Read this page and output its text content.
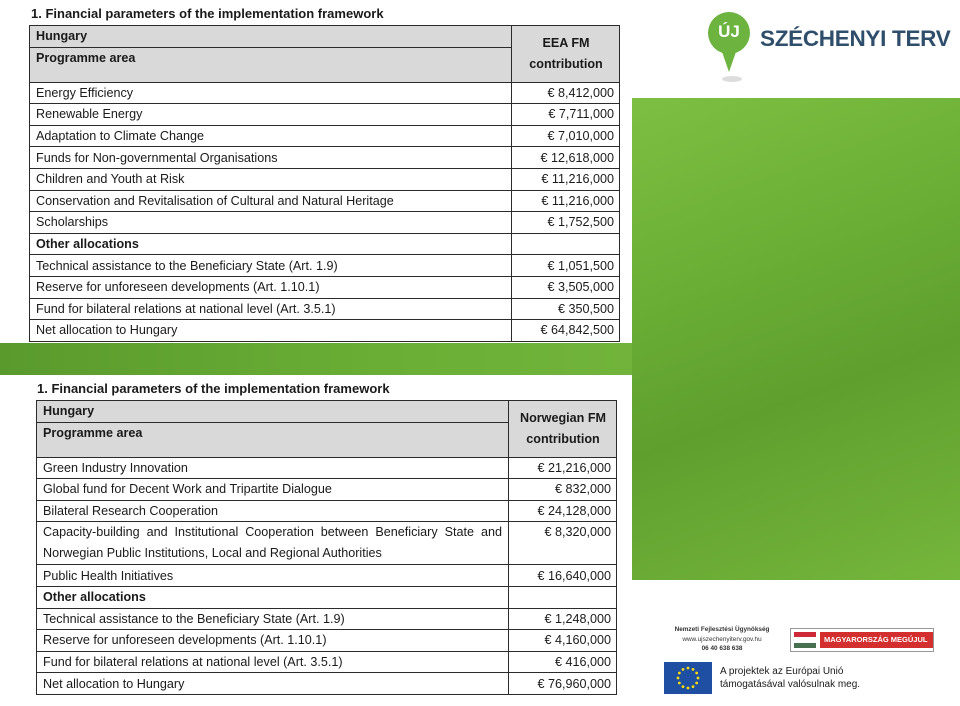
1. Financial parameters of the implementation framework
Hungary	EEA FM
contribution
Programme area	
Energy Efficiency	€ 8,412,000
Renewable Energy	€ 7,711,000
Adaptation to Climate Change	€ 7,010,000
Funds for Non-governmental Organisations	€ 12,618,000
Children and Youth at Risk	€ 11,216,000
Conservation and Revitalisation of Cultural and Natural Heritage	€ 11,216,000
Scholarships	€ 1,752,500
Other allocations	
Technical assistance to the Beneficiary State (Art. 1.9)	€ 1,051,500
Reserve for unforeseen developments (Art. 1.10.1)	€ 3,505,000
Fund for bilateral relations at national level (Art. 3.5.1)	€ 350,500
Net allocation to Hungary	€ 64,842,500
1. Financial parameters of the implementation framework
Hungary	Norwegian FM
contribution
Programme area	
Green Industry Innovation	€ 21,216,000
Global fund for Decent Work and Tripartite Dialogue	€ 832,000
Bilateral Research Cooperation	€ 24,128,000
Capacity-building and Institutional Cooperation between Beneficiary State and Norwegian Public Institutions, Local and Regional Authorities	€ 8,320,000
Public Health Initiatives	€ 16,640,000
Other allocations	
Technical assistance to the Beneficiary State (Art. 1.9)	€ 1,248,000
Reserve for unforeseen developments (Art. 1.10.1)	€ 4,160,000
Fund for bilateral relations at national level (Art. 3.5.1)	€ 416,000
Net allocation to Hungary	€ 76,960,000
ÚJ SZÉCHENYI TERV
Nemzeti Fejlesztési Ügynökség
www.ujszechenyiterv.gov.hu
06 40 638 638
MAGYARORSZÁG MEGÚJUL
A projektek az Európai Unió
támogatásával valósulnak meg.
